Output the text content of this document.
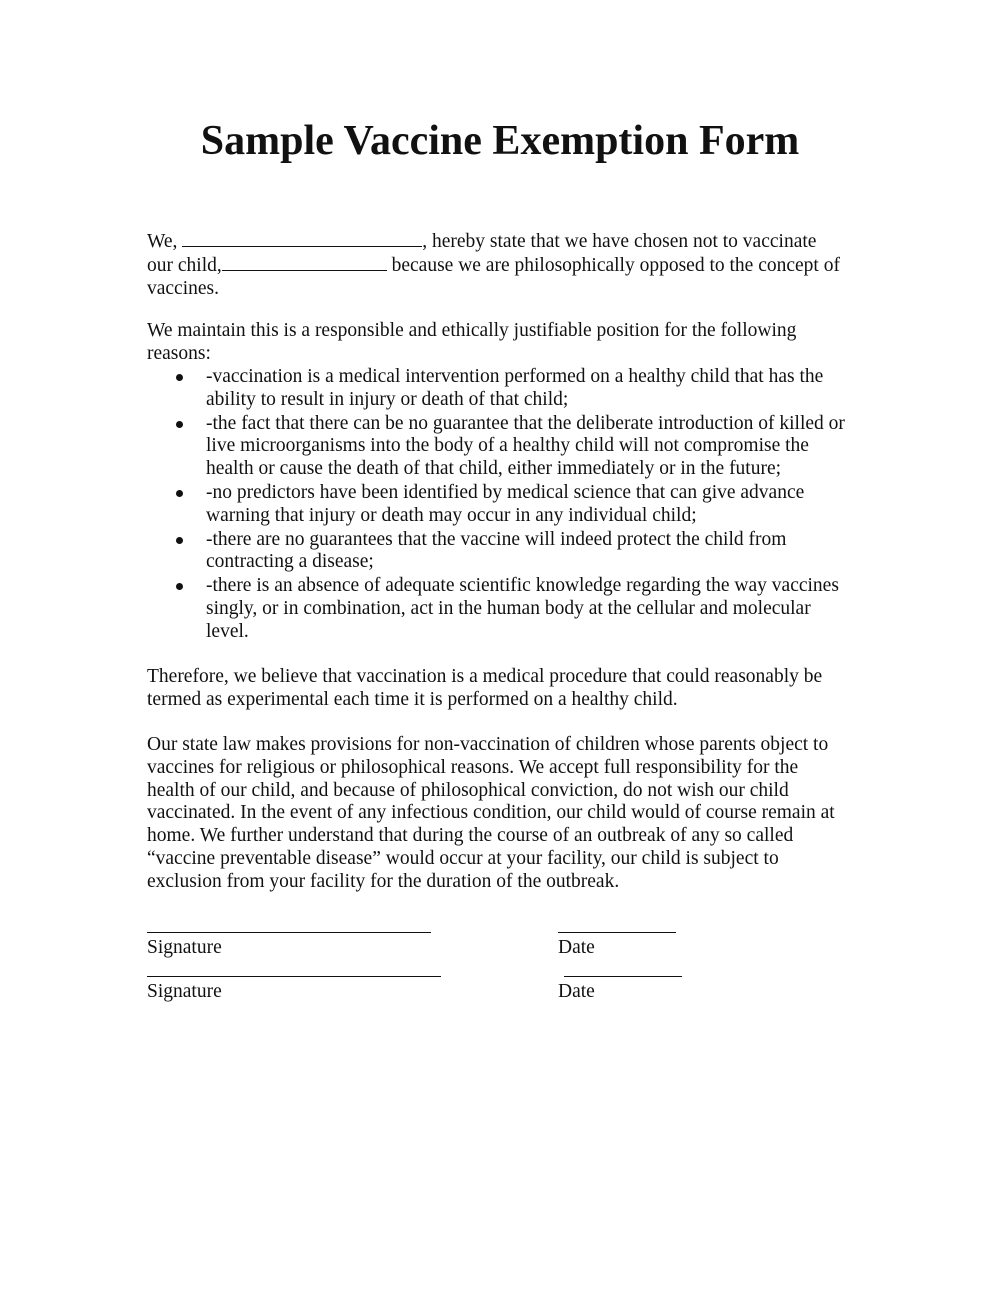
Sample Vaccine Exemption Form
We,	, hereby state that we have chosen not to vaccinate
our child,	because we are philosophically opposed to the concept of
vaccines.
We maintain this is a responsible and ethically justifiable position for the following
reasons:
-vaccination is a medical intervention performed on a healthy child that has the
ability to result in injury or death of that child;
-the fact that there can be no guarantee that the deliberate introduction of killed or
live microorganisms into the body of a healthy child will not compromise the
health or cause the death of that child, either immediately or in the future;
-no predictors have been identified by medical science that can give advance
warning that injury or death may occur in any individual child;
-there are no guarantees that the vaccine will indeed protect the child from
contracting a disease;
-there is an absence of adequate scientific knowledge regarding the way vaccines
singly, or in combination, act in the human body at the cellular and molecular
level.
Therefore, we believe that vaccination is a medical procedure that could reasonably be
termed as experimental each time it is performed on a healthy child.
Our state law makes provisions for non-vaccination of children whose parents object to
vaccines for religious or philosophical reasons. We accept full responsibility for the
health of our child, and because of philosophical conviction, do not wish our child
vaccinated. In the event of any infectious condition, our child would of course remain at
home. We further understand that during the course of an outbreak of any so called
“vaccine preventable disease” would occur at your facility, our child is subject to
exclusion from your facility for the duration of the outbreak.

Signature	Date

Signature	Date
